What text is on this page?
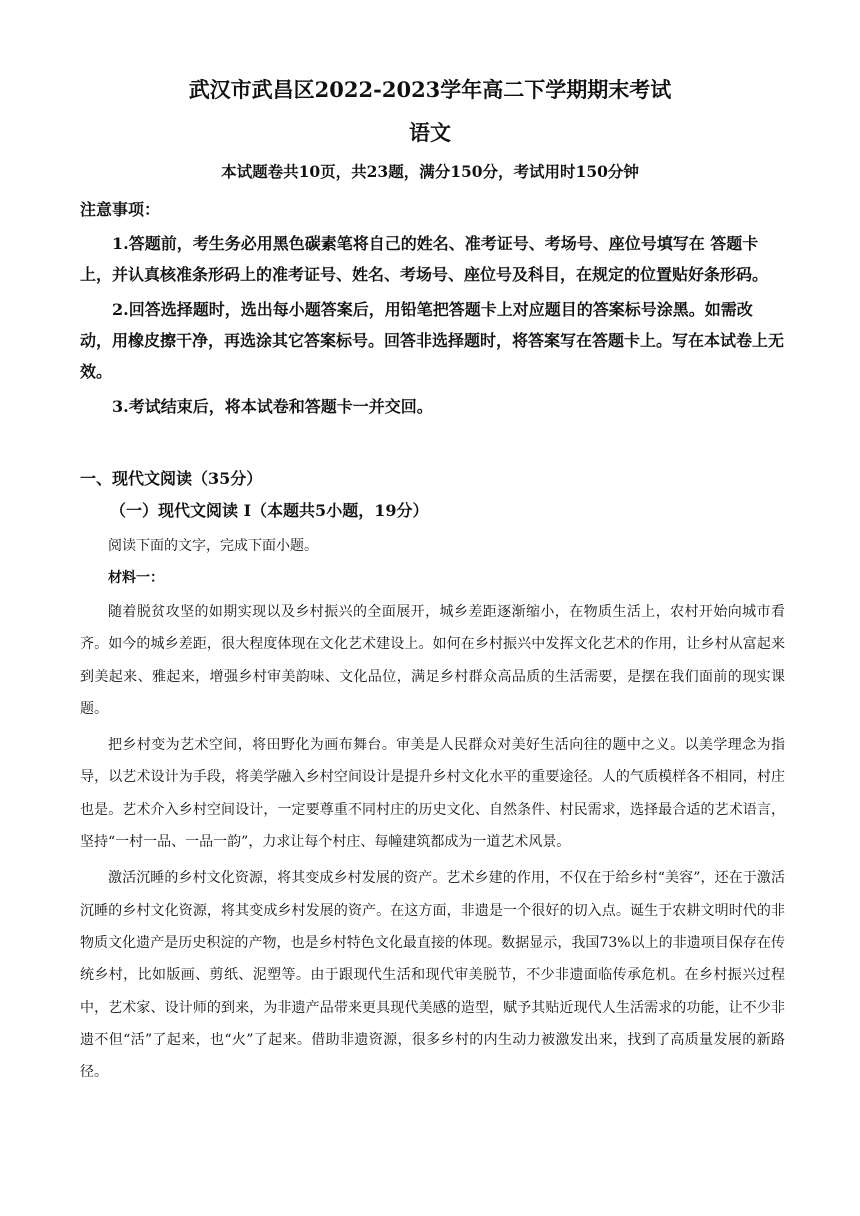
武汉市武昌区2022-2023学年高二下学期期末考试
语文
本试题卷共10页，共23题，满分150分，考试用时150分钟

注意事项：

1.答题前，考生务必用黑色碳素笔将自己的姓名、准考证号、考场号、座位号填写在 答题卡上，并认真核准条形码上的准考证号、姓名、考场号、座位号及科目，在规定的位置贴好条形码。

2.回答选择题时，选出每小题答案后，用铅笔把答题卡上对应题目的答案标号涂黑。如需改动，用橡皮擦干净，再选涂其它答案标号。回答非选择题时，将答案写在答题卡上。写在本试卷上无效。

3.考试结束后，将本试卷和答题卡一并交回。

一、现代文阅读（35分）

（一）现代文阅读 I（本题共5小题，19分）

阅读下面的文字，完成下面小题。

材料一：

随着脱贫攻坚的如期实现以及乡村振兴的全面展开，城乡差距逐渐缩小，在物质生活上，农村开始向城市看齐。如今的城乡差距，很大程度体现在文化艺术建设上。如何在乡村振兴中发挥文化艺术的作用，让乡村从富起来到美起来、雅起来，增强乡村审美韵味、文化品位，满足乡村群众高品质的生活需要，是摆在我们面前的现实课题。

把乡村变为艺术空间，将田野化为画布舞台。审美是人民群众对美好生活向往的题中之义。以美学理念为指导，以艺术设计为手段，将美学融入乡村空间设计是提升乡村文化水平的重要途径。人的气质模样各不相同，村庄也是。艺术介入乡村空间设计，一定要尊重不同村庄的历史文化、自然条件、村民需求，选择最合适的艺术语言，坚持“一村一品、一品一韵”，力求让每个村庄、每幢建筑都成为一道艺术风景。

激活沉睡的乡村文化资源，将其变成乡村发展的资产。艺术乡建的作用，不仅在于给乡村“美容”，还在于激活沉睡的乡村文化资源，将其变成乡村发展的资产。在这方面，非遗是一个很好的切入点。诞生于农耕文明时代的非物质文化遗产是历史积淀的产物，也是乡村特色文化最直接的体现。数据显示，我国73%以上的非遗项目保存在传统乡村，比如版画、剪纸、泥塑等。由于跟现代生活和现代审美脱节，不少非遗面临传承危机。在乡村振兴过程中，艺术家、设计师的到来，为非遗产品带来更具现代美感的造型，赋予其贴近现代人生活需求的功能，让不少非遗不但“活”了起来，也“火”了起来。借助非遗资源，很多乡村的内生动力被激发出来，找到了高质量发展的新路径。
